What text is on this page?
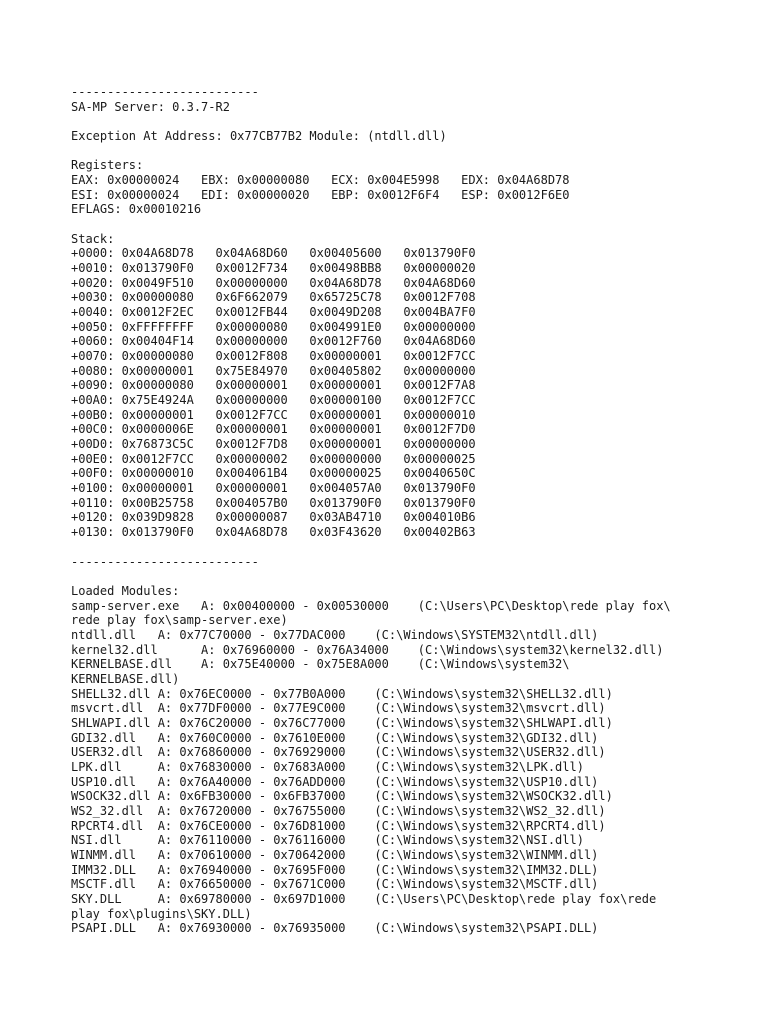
--------------------------
SA-MP Server: 0.3.7-R2

Exception At Address: 0x77CB77B2 Module: (ntdll.dll)

Registers:
EAX: 0x00000024   EBX: 0x00000080   ECX: 0x004E5998   EDX: 0x04A68D78
ESI: 0x00000024   EDI: 0x00000020   EBP: 0x0012F6F4   ESP: 0x0012F6E0
EFLAGS: 0x00010216

Stack:
+0000: 0x04A68D78   0x04A68D60   0x00405600   0x013790F0
+0010: 0x013790F0   0x0012F734   0x00498BB8   0x00000020
+0020: 0x0049F510   0x00000000   0x04A68D78   0x04A68D60
+0030: 0x00000080   0x6F662079   0x65725C78   0x0012F708
+0040: 0x0012F2EC   0x0012FB44   0x0049D208   0x004BA7F0
+0050: 0xFFFFFFFF   0x00000080   0x004991E0   0x00000000
+0060: 0x00404F14   0x00000000   0x0012F760   0x04A68D60
+0070: 0x00000080   0x0012F808   0x00000001   0x0012F7CC
+0080: 0x00000001   0x75E84970   0x00405802   0x00000000
+0090: 0x00000080   0x00000001   0x00000001   0x0012F7A8
+00A0: 0x75E4924A   0x00000000   0x00000100   0x0012F7CC
+00B0: 0x00000001   0x0012F7CC   0x00000001   0x00000010
+00C0: 0x0000006E   0x00000001   0x00000001   0x0012F7D0
+00D0: 0x76873C5C   0x0012F7D8   0x00000001   0x00000000
+00E0: 0x0012F7CC   0x00000002   0x00000000   0x00000025
+00F0: 0x00000010   0x004061B4   0x00000025   0x0040650C
+0100: 0x00000001   0x00000001   0x004057A0   0x013790F0
+0110: 0x00B25758   0x004057B0   0x013790F0   0x013790F0
+0120: 0x039D9828   0x00000087   0x03AB4710   0x004010B6
+0130: 0x013790F0   0x04A68D78   0x03F43620   0x00402B63

--------------------------

Loaded Modules:
samp-server.exe   A: 0x00400000 - 0x00530000    (C:\Users\PC\Desktop\rede play fox\
rede play fox\samp-server.exe)
ntdll.dll   A: 0x77C70000 - 0x77DAC000    (C:\Windows\SYSTEM32\ntdll.dll)
kernel32.dll      A: 0x76960000 - 0x76A34000    (C:\Windows\system32\kernel32.dll)
KERNELBASE.dll    A: 0x75E40000 - 0x75E8A000    (C:\Windows\system32\
KERNELBASE.dll)
SHELL32.dll A: 0x76EC0000 - 0x77B0A000    (C:\Windows\system32\SHELL32.dll)
msvcrt.dll  A: 0x77DF0000 - 0x77E9C000    (C:\Windows\system32\msvcrt.dll)
SHLWAPI.dll A: 0x76C20000 - 0x76C77000    (C:\Windows\system32\SHLWAPI.dll)
GDI32.dll   A: 0x760C0000 - 0x7610E000    (C:\Windows\system32\GDI32.dll)
USER32.dll  A: 0x76860000 - 0x76929000    (C:\Windows\system32\USER32.dll)
LPK.dll     A: 0x76830000 - 0x7683A000    (C:\Windows\system32\LPK.dll)
USP10.dll   A: 0x76A40000 - 0x76ADD000    (C:\Windows\system32\USP10.dll)
WSOCK32.dll A: 0x6FB30000 - 0x6FB37000    (C:\Windows\system32\WSOCK32.dll)
WS2_32.dll  A: 0x76720000 - 0x76755000    (C:\Windows\system32\WS2_32.dll)
RPCRT4.dll  A: 0x76CE0000 - 0x76D81000    (C:\Windows\system32\RPCRT4.dll)
NSI.dll     A: 0x76110000 - 0x76116000    (C:\Windows\system32\NSI.dll)
WINMM.dll   A: 0x70610000 - 0x70642000    (C:\Windows\system32\WINMM.dll)
IMM32.DLL   A: 0x76940000 - 0x7695F000    (C:\Windows\system32\IMM32.DLL)
MSCTF.dll   A: 0x76650000 - 0x7671C000    (C:\Windows\system32\MSCTF.dll)
SKY.DLL     A: 0x69780000 - 0x697D1000    (C:\Users\PC\Desktop\rede play fox\rede
play fox\plugins\SKY.DLL)
PSAPI.DLL   A: 0x76930000 - 0x76935000    (C:\Windows\system32\PSAPI.DLL)
